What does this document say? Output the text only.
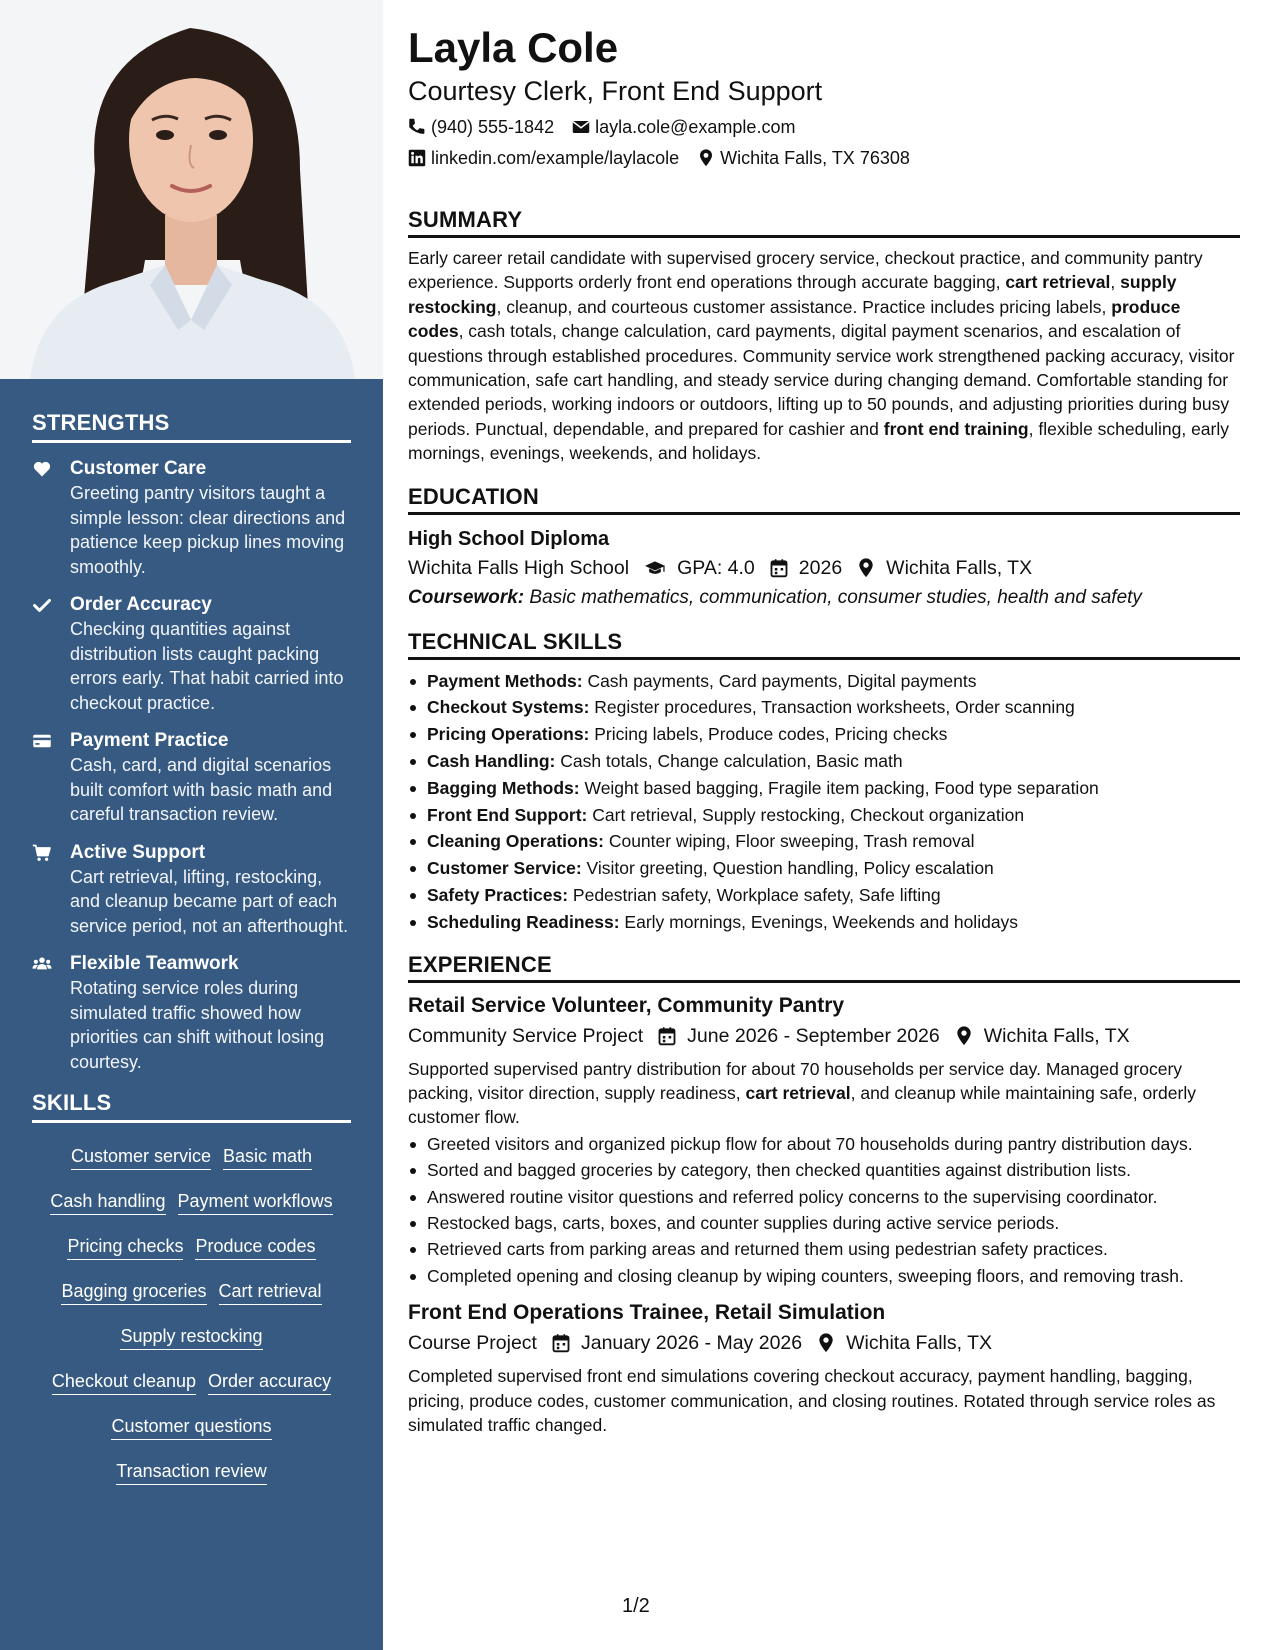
STRENGTHS
Customer Care
Greeting pantry visitors taught a simple lesson: clear directions and patience keep pickup lines moving smoothly.
Order Accuracy
Checking quantities against distribution lists caught packing errors early. That habit carried into checkout practice.
Payment Practice
Cash, card, and digital scenarios built comfort with basic math and careful transaction review.
Active Support
Cart retrieval, lifting, restocking, and cleanup became part of each service period, not an afterthought.
Flexible Teamwork
Rotating service roles during simulated traffic showed how priorities can shift without losing courtesy.
SKILLS
Customer service Basic math
Cash handling Payment workflows
Pricing checks Produce codes
Bagging groceries Cart retrieval
Supply restocking
Checkout cleanup Order accuracy
Customer questions
Transaction review
Layla Cole
Courtesy Clerk, Front End Support
(940) 555-1842 layla.cole@example.com
linkedin.com/example/laylacole Wichita Falls, TX 76308
SUMMARY
Early career retail candidate with supervised grocery service, checkout practice, and community pantry experience. Supports orderly front end operations through accurate bagging, cart retrieval, supply restocking, cleanup, and courteous customer assistance. Practice includes pricing labels, produce codes, cash totals, change calculation, card payments, digital payment scenarios, and escalation of questions through established procedures. Community service work strengthened packing accuracy, visitor communication, safe cart handling, and steady service during changing demand. Comfortable standing for extended periods, working indoors or outdoors, lifting up to 50 pounds, and adjusting priorities during busy periods. Punctual, dependable, and prepared for cashier and front end training, flexible scheduling, early mornings, evenings, weekends, and holidays.
EDUCATION
High School Diploma
Wichita Falls High School GPA: 4.0 2026 Wichita Falls, TX
Coursework: Basic mathematics, communication, consumer studies, health and safety
TECHNICAL SKILLS
Payment Methods: Cash payments, Card payments, Digital payments
Checkout Systems: Register procedures, Transaction worksheets, Order scanning
Pricing Operations: Pricing labels, Produce codes, Pricing checks
Cash Handling: Cash totals, Change calculation, Basic math
Bagging Methods: Weight based bagging, Fragile item packing, Food type separation
Front End Support: Cart retrieval, Supply restocking, Checkout organization
Cleaning Operations: Counter wiping, Floor sweeping, Trash removal
Customer Service: Visitor greeting, Question handling, Policy escalation
Safety Practices: Pedestrian safety, Workplace safety, Safe lifting
Scheduling Readiness: Early mornings, Evenings, Weekends and holidays
EXPERIENCE
Retail Service Volunteer, Community Pantry
Community Service Project June 2026 - September 2026 Wichita Falls, TX
Supported supervised pantry distribution for about 70 households per service day. Managed grocery packing, visitor direction, supply readiness, cart retrieval, and cleanup while maintaining safe, orderly customer flow.
Greeted visitors and organized pickup flow for about 70 households during pantry distribution days.
Sorted and bagged groceries by category, then checked quantities against distribution lists.
Answered routine visitor questions and referred policy concerns to the supervising coordinator.
Restocked bags, carts, boxes, and counter supplies during active service periods.
Retrieved carts from parking areas and returned them using pedestrian safety practices.
Completed opening and closing cleanup by wiping counters, sweeping floors, and removing trash.
Front End Operations Trainee, Retail Simulation
Course Project January 2026 - May 2026 Wichita Falls, TX
Completed supervised front end simulations covering checkout accuracy, payment handling, bagging, pricing, produce codes, customer communication, and closing routines. Rotated through service roles as simulated traffic changed.
1/2
